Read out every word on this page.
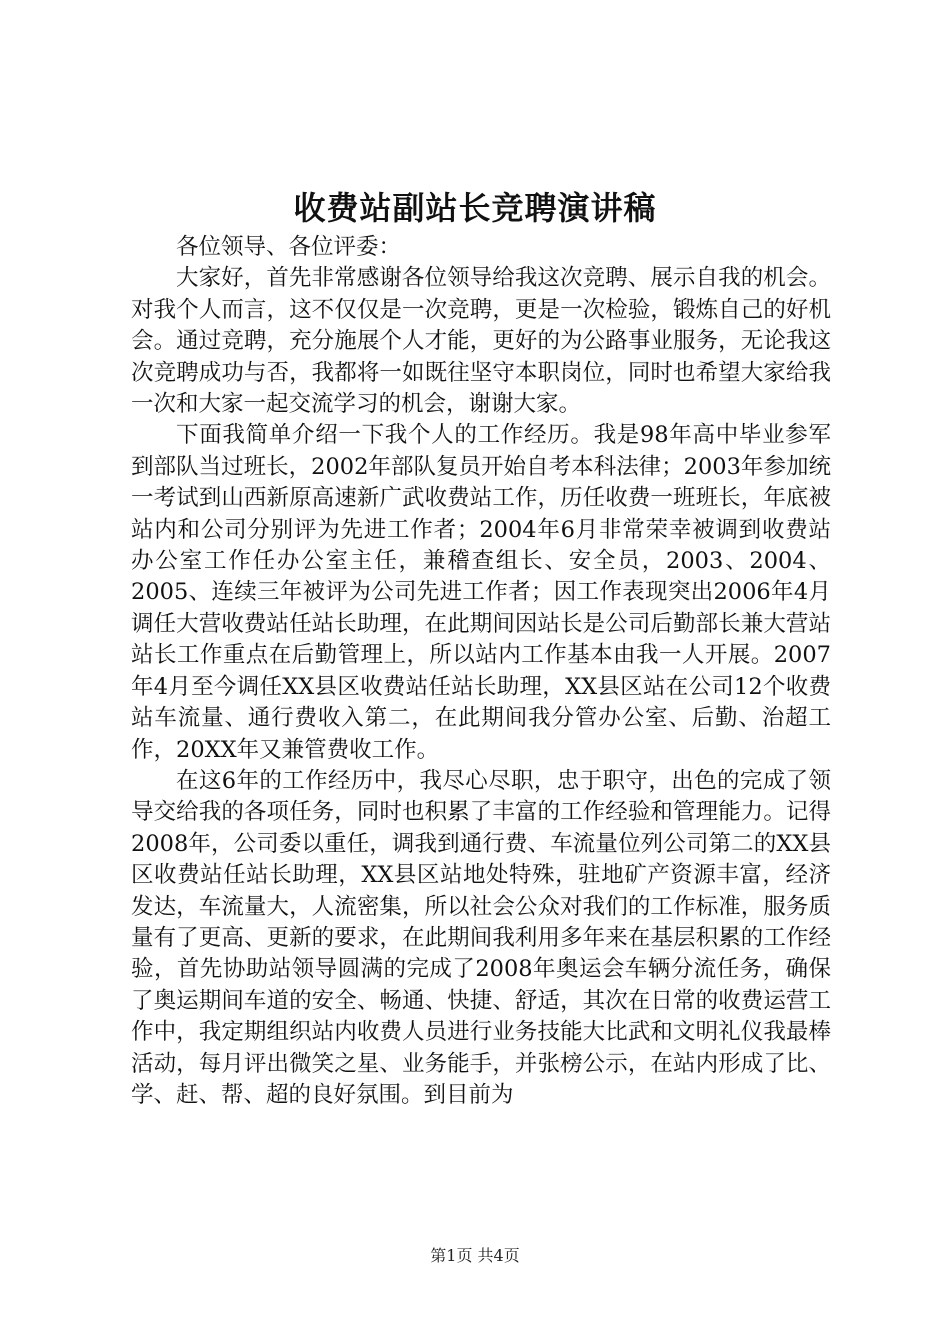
收费站副站长竞聘演讲稿

各位领导、各位评委：

大家好，首先非常感谢各位领导给我这次竞聘、展示自我的机会。对我个人而言，这不仅仅是一次竞聘，更是一次检验，锻炼自己的好机会。通过竞聘，充分施展个人才能，更好的为公路事业服务，无论我这次竞聘成功与否，我都将一如既往坚守本职岗位，同时也希望大家给我一次和大家一起交流学习的机会，谢谢大家。

下面我简单介绍一下我个人的工作经历。我是98年高中毕业参军到部队当过班长，2002年部队复员开始自考本科法律；2003年参加统一考试到山西新原高速新广武收费站工作，历任收费一班班长，年底被站内和公司分别评为先进工作者；2004年6月非常荣幸被调到收费站办公室工作任办公室主任，兼稽查组长、安全员，2003、2004、2005、连续三年被评为公司先进工作者；因工作表现突出2006年4月调任大营收费站任站长助理，在此期间因站长是公司后勤部长兼大营站站长工作重点在后勤管理上，所以站内工作基本由我一人开展。2007年4月至今调任XX县区收费站任站长助理，XX县区站在公司12个收费站车流量、通行费收入第二，在此期间我分管办公室、后勤、治超工作，20XX年又兼管费收工作。

在这6年的工作经历中，我尽心尽职，忠于职守，出色的完成了领导交给我的各项任务，同时也积累了丰富的工作经验和管理能力。记得2008年，公司委以重任，调我到通行费、车流量位列公司第二的XX县区收费站任站长助理，XX县区站地处特殊，驻地矿产资源丰富，经济发达，车流量大，人流密集，所以社会公众对我们的工作标准，服务质量有了更高、更新的要求，在此期间我利用多年来在基层积累的工作经验，首先协助站领导圆满的完成了2008年奥运会车辆分流任务，确保了奥运期间车道的安全、畅通、快捷、舒适，其次在日常的收费运营工作中，我定期组织站内收费人员进行业务技能大比武和文明礼仪我最棒活动，每月评出微笑之星、业务能手，并张榜公示，在站内形成了比、学、赶、帮、超的良好氛围。到目前为

第1页 共4页
